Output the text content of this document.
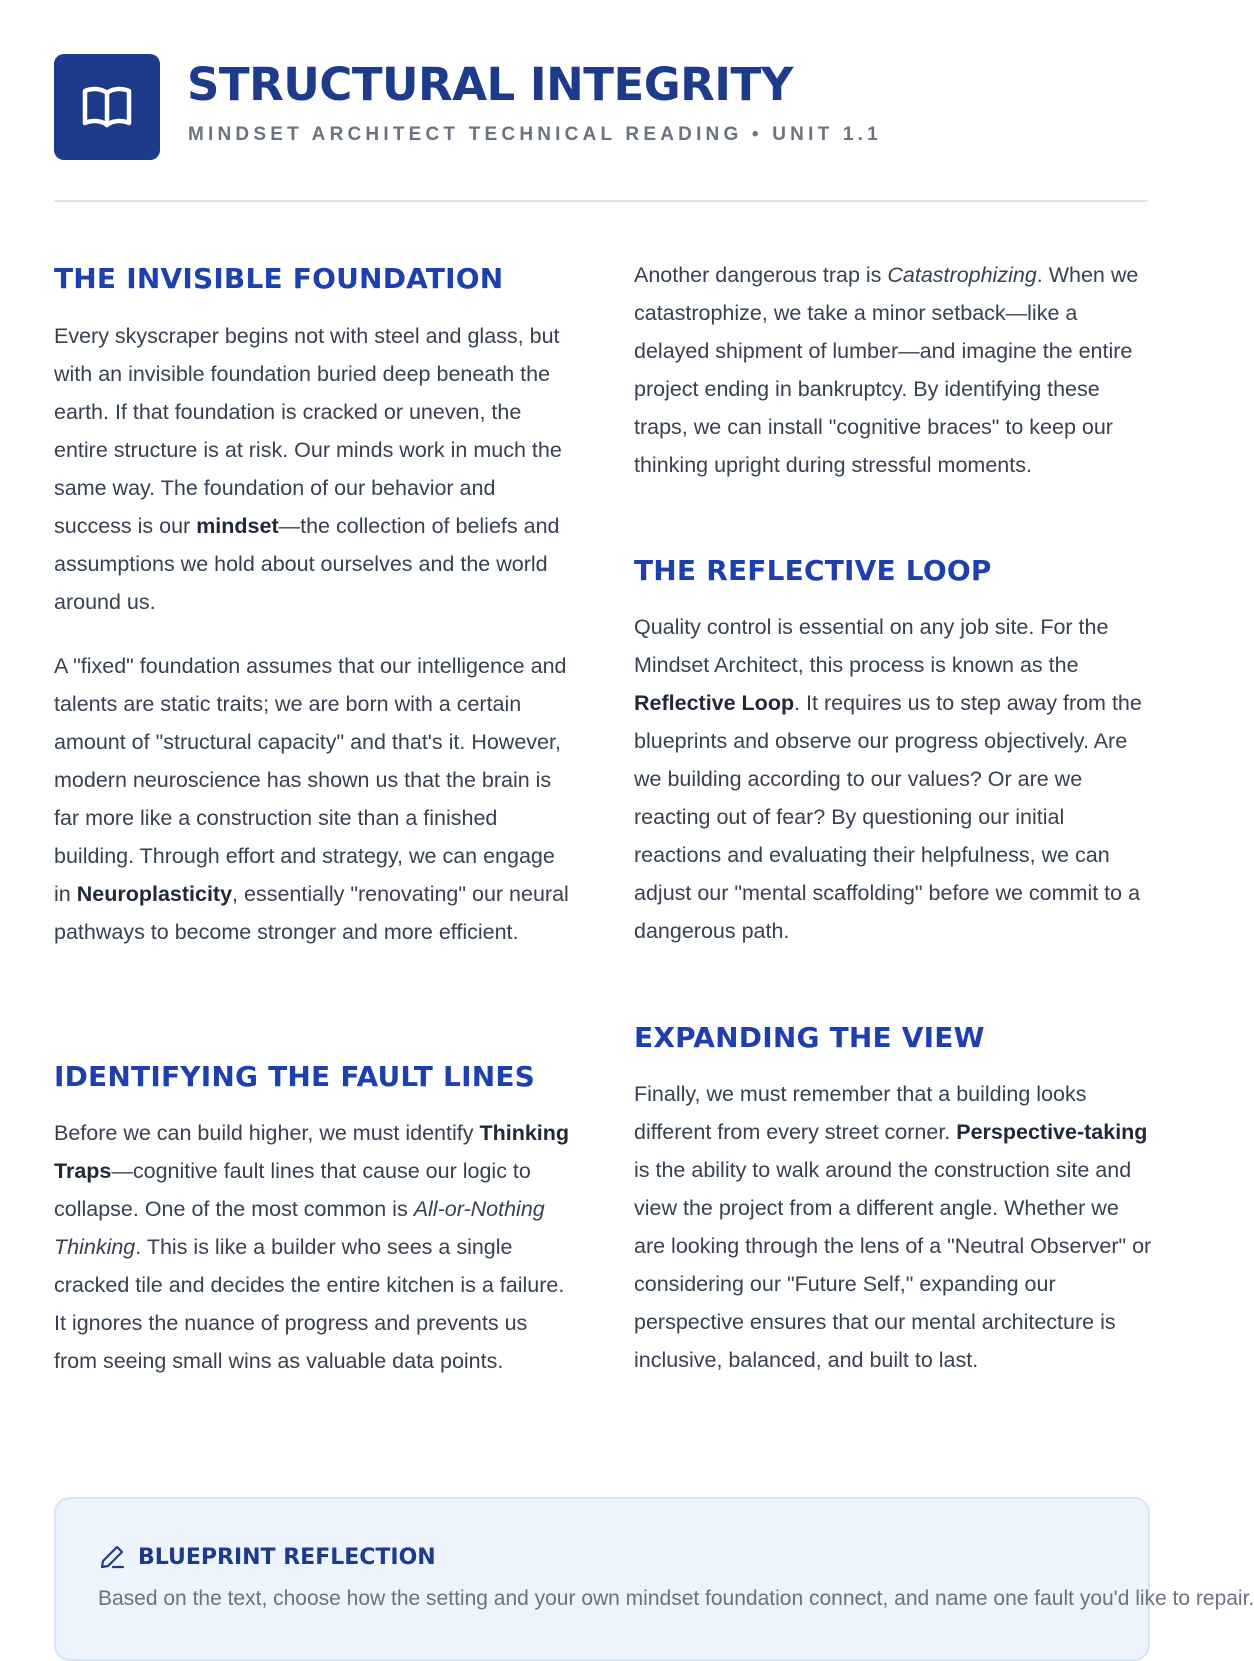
STRUCTURAL INTEGRITY
MINDSET ARCHITECT TECHNICAL READING • UNIT 1.1
THE INVISIBLE FOUNDATION

Every skyscraper begins not with steel and glass, but with an invisible foundation buried deep beneath the earth. If that foundation is cracked or uneven, the entire structure is at risk. Our minds work in much the same way. The foundation of our behavior and success is our mindset—the collection of beliefs and assumptions we hold about ourselves and the world around us.

A "fixed" foundation assumes that our intelligence and talents are static traits; we are born with a certain amount of "structural capacity" and that's it. However, modern neuroscience has shown us that the brain is far more like a construction site than a finished building. Through effort and strategy, we can engage in Neuroplasticity, essentially "renovating" our neural pathways to become stronger and more efficient.

IDENTIFYING THE FAULT LINES

Before we can build higher, we must identify Thinking Traps—cognitive fault lines that cause our logic to collapse. One of the most common is All-or-Nothing Thinking. This is like a builder who sees a single cracked tile and decides the entire kitchen is a failure. It ignores the nuance of progress and prevents us from seeing small wins as valuable data points.

Another dangerous trap is Catastrophizing. When we catastrophize, we take a minor setback—like a delayed shipment of lumber—and imagine the entire project ending in bankruptcy. By identifying these traps, we can install "cognitive braces" to keep our thinking upright during stressful moments.

THE REFLECTIVE LOOP

Quality control is essential on any job site. For the Mindset Architect, this process is known as the Reflective Loop. It requires us to step away from the blueprints and observe our progress objectively. Are we building according to our values? Or are we reacting out of fear? By questioning our initial reactions and evaluating their helpfulness, we can adjust our "mental scaffolding" before we commit to a dangerous path.

EXPANDING THE VIEW

Finally, we must remember that a building looks different from every street corner. Perspective-taking is the ability to walk around the construction site and view the project from a different angle. Whether we are looking through the lens of a "Neutral Observer" or considering our "Future Self," expanding our perspective ensures that our mental architecture is inclusive, balanced, and built to last.

BLUEPRINT REFLECTION
Based on the text, choose how the setting and your own mindset foundation connect, and name one fault you'd like to repair.
